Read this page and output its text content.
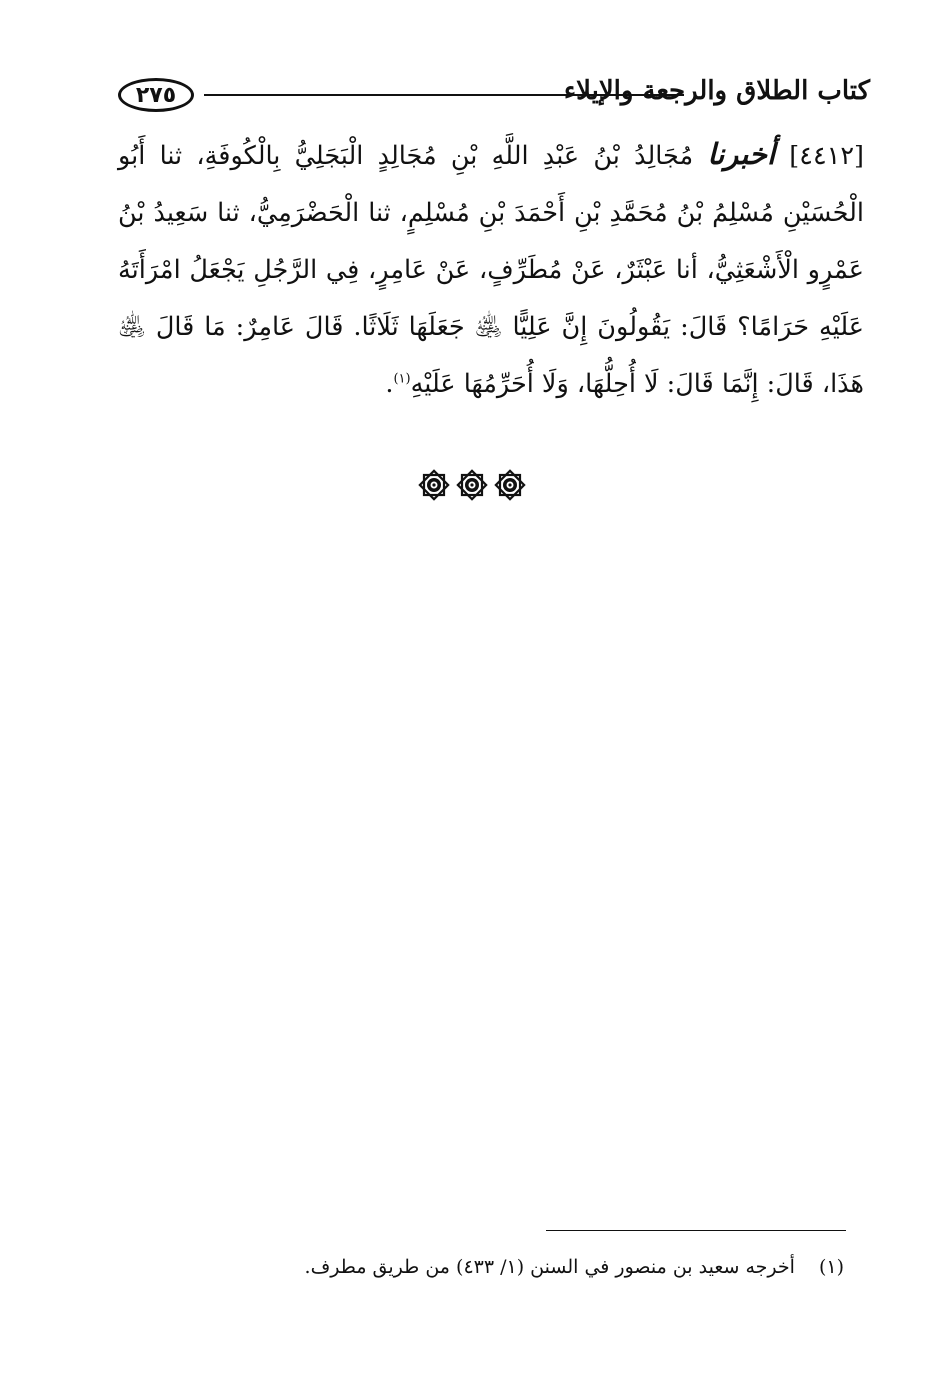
٢٧٥	كتاب الطلاق والرجعة والإيلاء
[٤٤١٢] أخبرنا مُجَالِدُ بْنُ عَبْدِ اللَّهِ بْنِ مُجَالِدٍ الْبَجَلِيُّ بِالْكُوفَةِ، ثنا أَبُو الْحُسَيْنِ مُسْلِمُ بْنُ مُحَمَّدِ بْنِ أَحْمَدَ بْنِ مُسْلِمٍ، ثنا الْحَضْرَمِيُّ، ثنا سَعِيدُ بْنُ عَمْرٍو الْأَشْعَثِيُّ، أنا عَبْثَرٌ، عَنْ مُطَرِّفٍ، عَنْ عَامِرٍ، فِي الرَّجُلِ يَجْعَلُ امْرَأَتَهُ عَلَيْهِ حَرَامًا؟ قَالَ: يَقُولُونَ إِنَّ عَلِيًّا ﵁ جَعَلَهَا ثَلَاثًا. قَالَ عَامِرٌ: مَا قَالَ ﵁ هَذَا، قَالَ: إِنَّمَا قَالَ: لَا أُحِلُّهَا، وَلَا أُحَرِّمُهَا عَلَيْهِ$^{(١)}$.
(١) أخرجه سعيد بن منصور في السنن (١/ ٤٣٣) من طريق مطرف.
